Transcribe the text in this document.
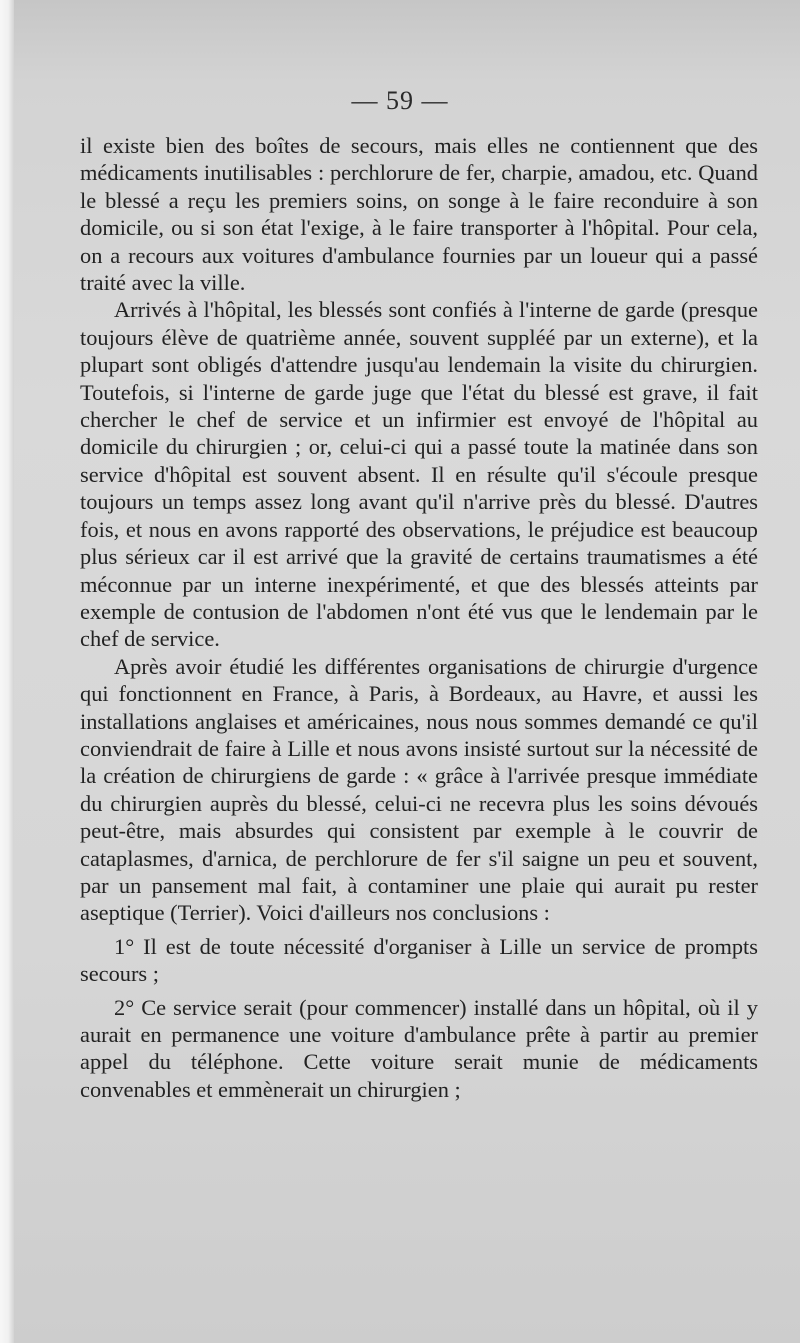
— 59 —

il existe bien des boîtes de secours, mais elles ne contiennent que des médicaments inutilisables : perchlorure de fer, charpie, amadou, etc. Quand le blessé a reçu les premiers soins, on songe à le faire reconduire à son domicile, ou si son état l'exige, à le faire transporter à l'hôpital. Pour cela, on a recours aux voitures d'ambulance fournies par un loueur qui a passé traité avec la ville.

Arrivés à l'hôpital, les blessés sont confiés à l'interne de garde (presque toujours élève de quatrième année, souvent suppléé par un externe), et la plupart sont obligés d'attendre jusqu'au lendemain la visite du chirurgien. Toutefois, si l'interne de garde juge que l'état du blessé est grave, il fait chercher le chef de service et un infirmier est envoyé de l'hôpital au domicile du chirurgien ; or, celui-ci qui a passé toute la matinée dans son service d'hôpital est souvent absent. Il en résulte qu'il s'écoule presque toujours un temps assez long avant qu'il n'arrive près du blessé. D'autres fois, et nous en avons rapporté des observations, le préjudice est beaucoup plus sérieux car il est arrivé que la gravité de certains traumatismes a été méconnue par un interne inexpérimenté, et que des blessés atteints par exemple de contusion de l'abdomen n'ont été vus que le lendemain par le chef de service.

Après avoir étudié les différentes organisations de chirurgie d'urgence qui fonctionnent en France, à Paris, à Bordeaux, au Havre, et aussi les installations anglaises et américaines, nous nous sommes demandé ce qu'il conviendrait de faire à Lille et nous avons insisté surtout sur la nécessité de la création de chirurgiens de garde : « grâce à l'arrivée presque immédiate du chirurgien auprès du blessé, celui-ci ne recevra plus les soins dévoués peut-être, mais absurdes qui consistent par exemple à le couvrir de cataplasmes, d'arnica, de perchlorure de fer s'il saigne un peu et souvent, par un pansement mal fait, à contaminer une plaie qui aurait pu rester aseptique (Terrier). Voici d'ailleurs nos conclusions :

1° Il est de toute nécessité d'organiser à Lille un service de prompts secours ;

2° Ce service serait (pour commencer) installé dans un hôpital, où il y aurait en permanence une voiture d'ambulance prête à partir au premier appel du téléphone. Cette voiture serait munie de médicaments convenables et emmènerait un chirurgien ;
